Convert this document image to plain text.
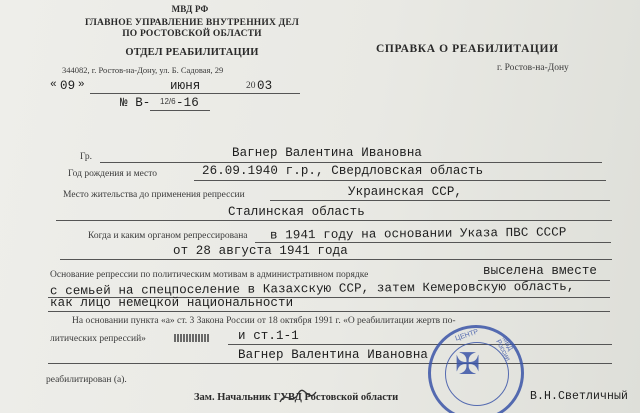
МВД РФ
ГЛАВНОЕ УПРАВЛЕНИЕ ВНУТРЕННИХ ДЕЛ
ПО РОСТОВСКОЙ ОБЛАСТИ
ОТДЕЛ РЕАБИЛИТАЦИИ
344082, г. Ростов-на-Дону, ул. Б. Садовая, 29
СПРАВКА О РЕАБИЛИТАЦИИ
г. Ростов-на-Дону
« 09 »	июня	20 03
№ В- 12/6 -16
Гр.	Вагнер Валентина Ивановна
Год рождения и место	26.09.1940 г.р., Свердловская область
Место жительства до применения репрессии	Украинская ССР,
Сталинская область
Когда и каким органом репрессирована в 1941 году на основании Указа ПВС СССР
от 28 августа 1941 года
Основание репрессии по политическим мотивам в административном порядке	выселена вместе
с семьей на спецпоселение в Казахскую ССР, затем Кемеровскую область,
как лицо немецкой национальности
На основании пункта «а» ст. 3 Закона России от 18 октября 1991 г. «О реабилитации жертв по-
литических репрессий»	и ст.1-1
Вагнер Валентина Ивановна
реабилитирован (а).
Зам. Начальник ГУВД Ростовской области	В.Н.Светличный
✠
МВД России
ЦЕНТР
